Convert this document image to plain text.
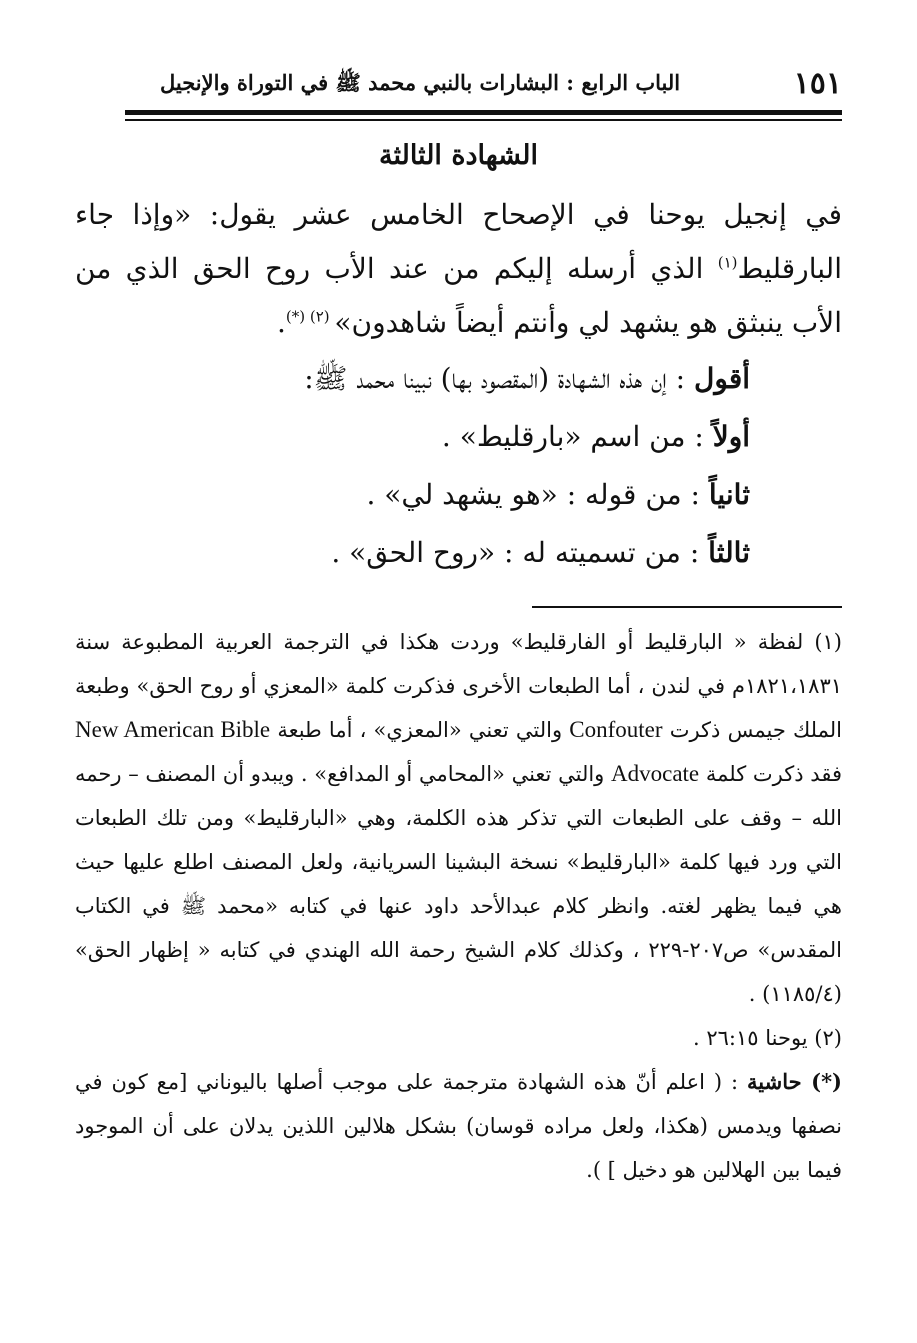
١٥١
الباب الرابع : البشارات بالنبي محمد ﷺ في التوراة والإنجيل
الشهادة الثالثة

في إنجيل يوحنا في الإصحاح الخامس عشر يقول: «وإذا جاء البارقليط$^{(١)}$ الذي أرسله إليكم من عند الأب روح الحق الذي من الأب ينبثق هو يشهد لي وأنتم أيضاً شاهدون» $^{(٢) (*)}$.

أقول : إن هذه الشهادة (المقصود بها) نبينا محمد ﷺ:

أولاً : من اسم «بارقليط» .

ثانياً : من قوله : «هو يشهد لي» .

ثالثاً : من تسميته له : «روح الحق» .

(١) لفظة « البارقليط أو الفارقليط» وردت هكذا في الترجمة العربية المطبوعة سنة ١٨٢١،١٨٣١م في لندن ، أما الطبعات الأخرى فذكرت كلمة «المعزي أو روح الحق» وطبعة الملك جيمس ذكرت Confouter والتي تعني «المعزي» ، أما طبعة New American Bible فقد ذكرت كلمة Advocate والتي تعني «المحامي أو المدافع» . ويبدو أن المصنف – رحمه الله – وقف على الطبعات التي تذكر هذه الكلمة، وهي «البارقليط» ومن تلك الطبعات التي ورد فيها كلمة «البارقليط» نسخة البشينا السريانية، ولعل المصنف اطلع عليها حيث هي فيما يظهر لغته. وانظر كلام عبدالأحد داود عنها في كتابه «محمد ﷺ في الكتاب المقدس» ص٢٠٧-٢٢٩ ، وكذلك كلام الشيخ رحمة الله الهندي في كتابه « إظهار الحق» (١١٨٥/٤) .

(٢) يوحنا ٢٦:١٥ .

(*) حاشية : ( اعلم أنّ هذه الشهادة مترجمة على موجب أصلها باليوناني [مع كون في نصفها ويدمس (هكذا، ولعل مراده قوسان) بشكل هلالين اللذين يدلان على أن الموجود فيما بين الهلالين هو دخيل ] ).
